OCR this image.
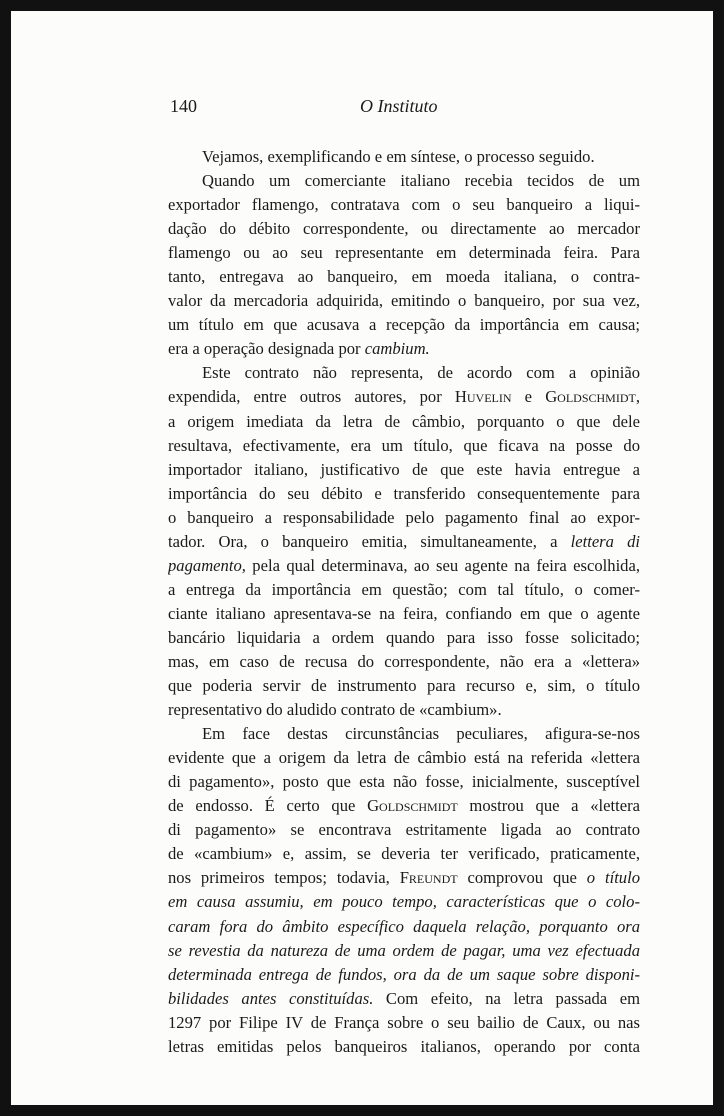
140	O Instituto
Vejamos, exemplificando e em síntese, o processo seguido.
Quando um comerciante italiano recebia tecidos de um
exportador flamengo, contratava com o seu banqueiro a liqui-
dação do débito correspondente, ou directamente ao mercador
flamengo ou ao seu representante em determinada feira. Para
tanto, entregava ao banqueiro, em moeda italiana, o contra-
valor da mercadoria adquirida, emitindo o banqueiro, por sua vez,
um título em que acusava a recepção da importância em causa;
era a operação designada por cambium.
Este contrato não representa, de acordo com a opinião
expendida, entre outros autores, por Huvelin e Goldschmidt,
a origem imediata da letra de câmbio, porquanto o que dele
resultava, efectivamente, era um título, que ficava na posse do
importador italiano, justificativo de que este havia entregue a
importância do seu débito e transferido consequentemente para
o banqueiro a responsabilidade pelo pagamento final ao expor-
tador. Ora, o banqueiro emitia, simultaneamente, a lettera di
pagamento, pela qual determinava, ao seu agente na feira escolhida,
a entrega da importância em questão; com tal título, o comer-
ciante italiano apresentava-se na feira, confiando em que o agente
bancário liquidaria a ordem quando para isso fosse solicitado;
mas, em caso de recusa do correspondente, não era a «lettera»
que poderia servir de instrumento para recurso e, sim, o título
representativo do aludido contrato de «cambium».
Em face destas circunstâncias peculiares, afigura-se-nos
evidente que a origem da letra de câmbio está na referida «lettera
di pagamento», posto que esta não fosse, inicialmente, susceptível
de endosso. É certo que Goldschmidt mostrou que a «lettera
di pagamento» se encontrava estritamente ligada ao contrato
de «cambium» e, assim, se deveria ter verificado, praticamente,
nos primeiros tempos; todavia, Freundt comprovou que o título
em causa assumiu, em pouco tempo, características que o colo-
caram fora do âmbito específico daquela relação, porquanto ora
se revestia da natureza de uma ordem de pagar, uma vez efectuada
determinada entrega de fundos, ora da de um saque sobre disponi-
bilidades antes constituídas. Com efeito, na letra passada em
1297 por Filipe IV de França sobre o seu bailio de Caux, ou nas
letras emitidas pelos banqueiros italianos, operando por conta
